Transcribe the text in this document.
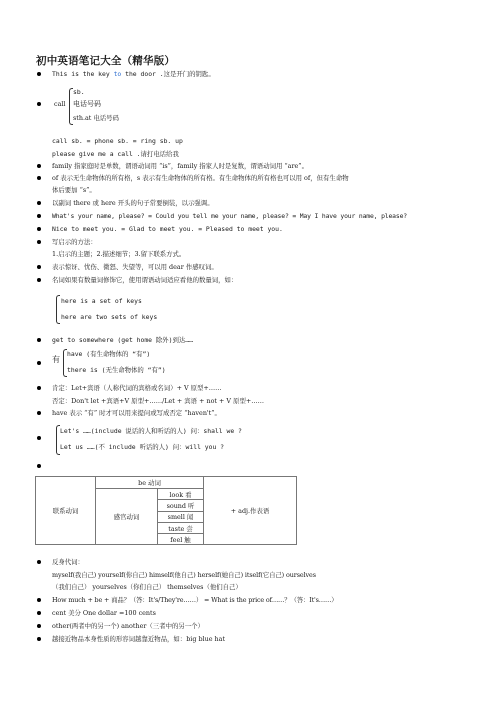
初中英语笔记大全（精华版）
This is the key to the door .这是开门的钥匙。
call
sb.
电话号码
sth.at 电话号码
call sb. = phone sb. = ring sb. up
please give me a call .请打电话给我
family 指家庭时是单数，谓语动词用 “is”，family 指家人时是复数，谓语动词用 “are”。
of 表示无生命物体的所有格，s 表示有生命物体的所有格。有生命物体的所有格也可以用 of，但有生命物
体后要加 “s”。
以副词 there 或 here 开头的句子常要倒装，以示强调。
What's your name, please? = Could you tell me your name, please? = May I have your name, please?
Nice to meet you. = Glad to meet you. = Pleased to meet you.
写启示的方法：
1.启示的主题；2.描述细节；3.留下联系方式。
表示惊讶、忧伤、微怒、失望等，可以用 dear 作感叹词。
名词如果有数量词修饰它，使用谓语动词适应看他的数量词，如：
here is a set of keys
here are two sets of keys
get to somewhere (get home 除外)到达……
有
have (有生命物体的 “有”)
there is (无生命物体的 “有”)
肯定：Let+宾语（人称代词的宾格或名词）+ V 原型+……
否定：Don't let +宾语+V 原型+……/Let + 宾语 + not + V 原型+……
have 表示 “有” 时才可以用来提问或写成否定 “haven't”。
Let's ……(include 说话的人和听话的人) 问：shall we ?
Let us ……(不 include 听话的人) 问：will you ?
联系动词	be 动词		+ adj.作表语
	感官动词	look 看	
		sound 听	
		smell 闻	
		taste 尝	
		feel 触	
反身代词：
myself(我自己) yourself(你自己) himself(他自己) herself(她自己) itself(它自己) ourselves
（我们自己） yourselves（你们自己） themselves（他们自己）
How much + be + 商品？（答：It's/They're……） = What is the price of……？（答：It's……）
cent 美分 One dollar =100 cents
other(两者中的另一个) another（三者中的另一个）
越接近物品本身性质的形容词越靠近物品，如：big blue hat
